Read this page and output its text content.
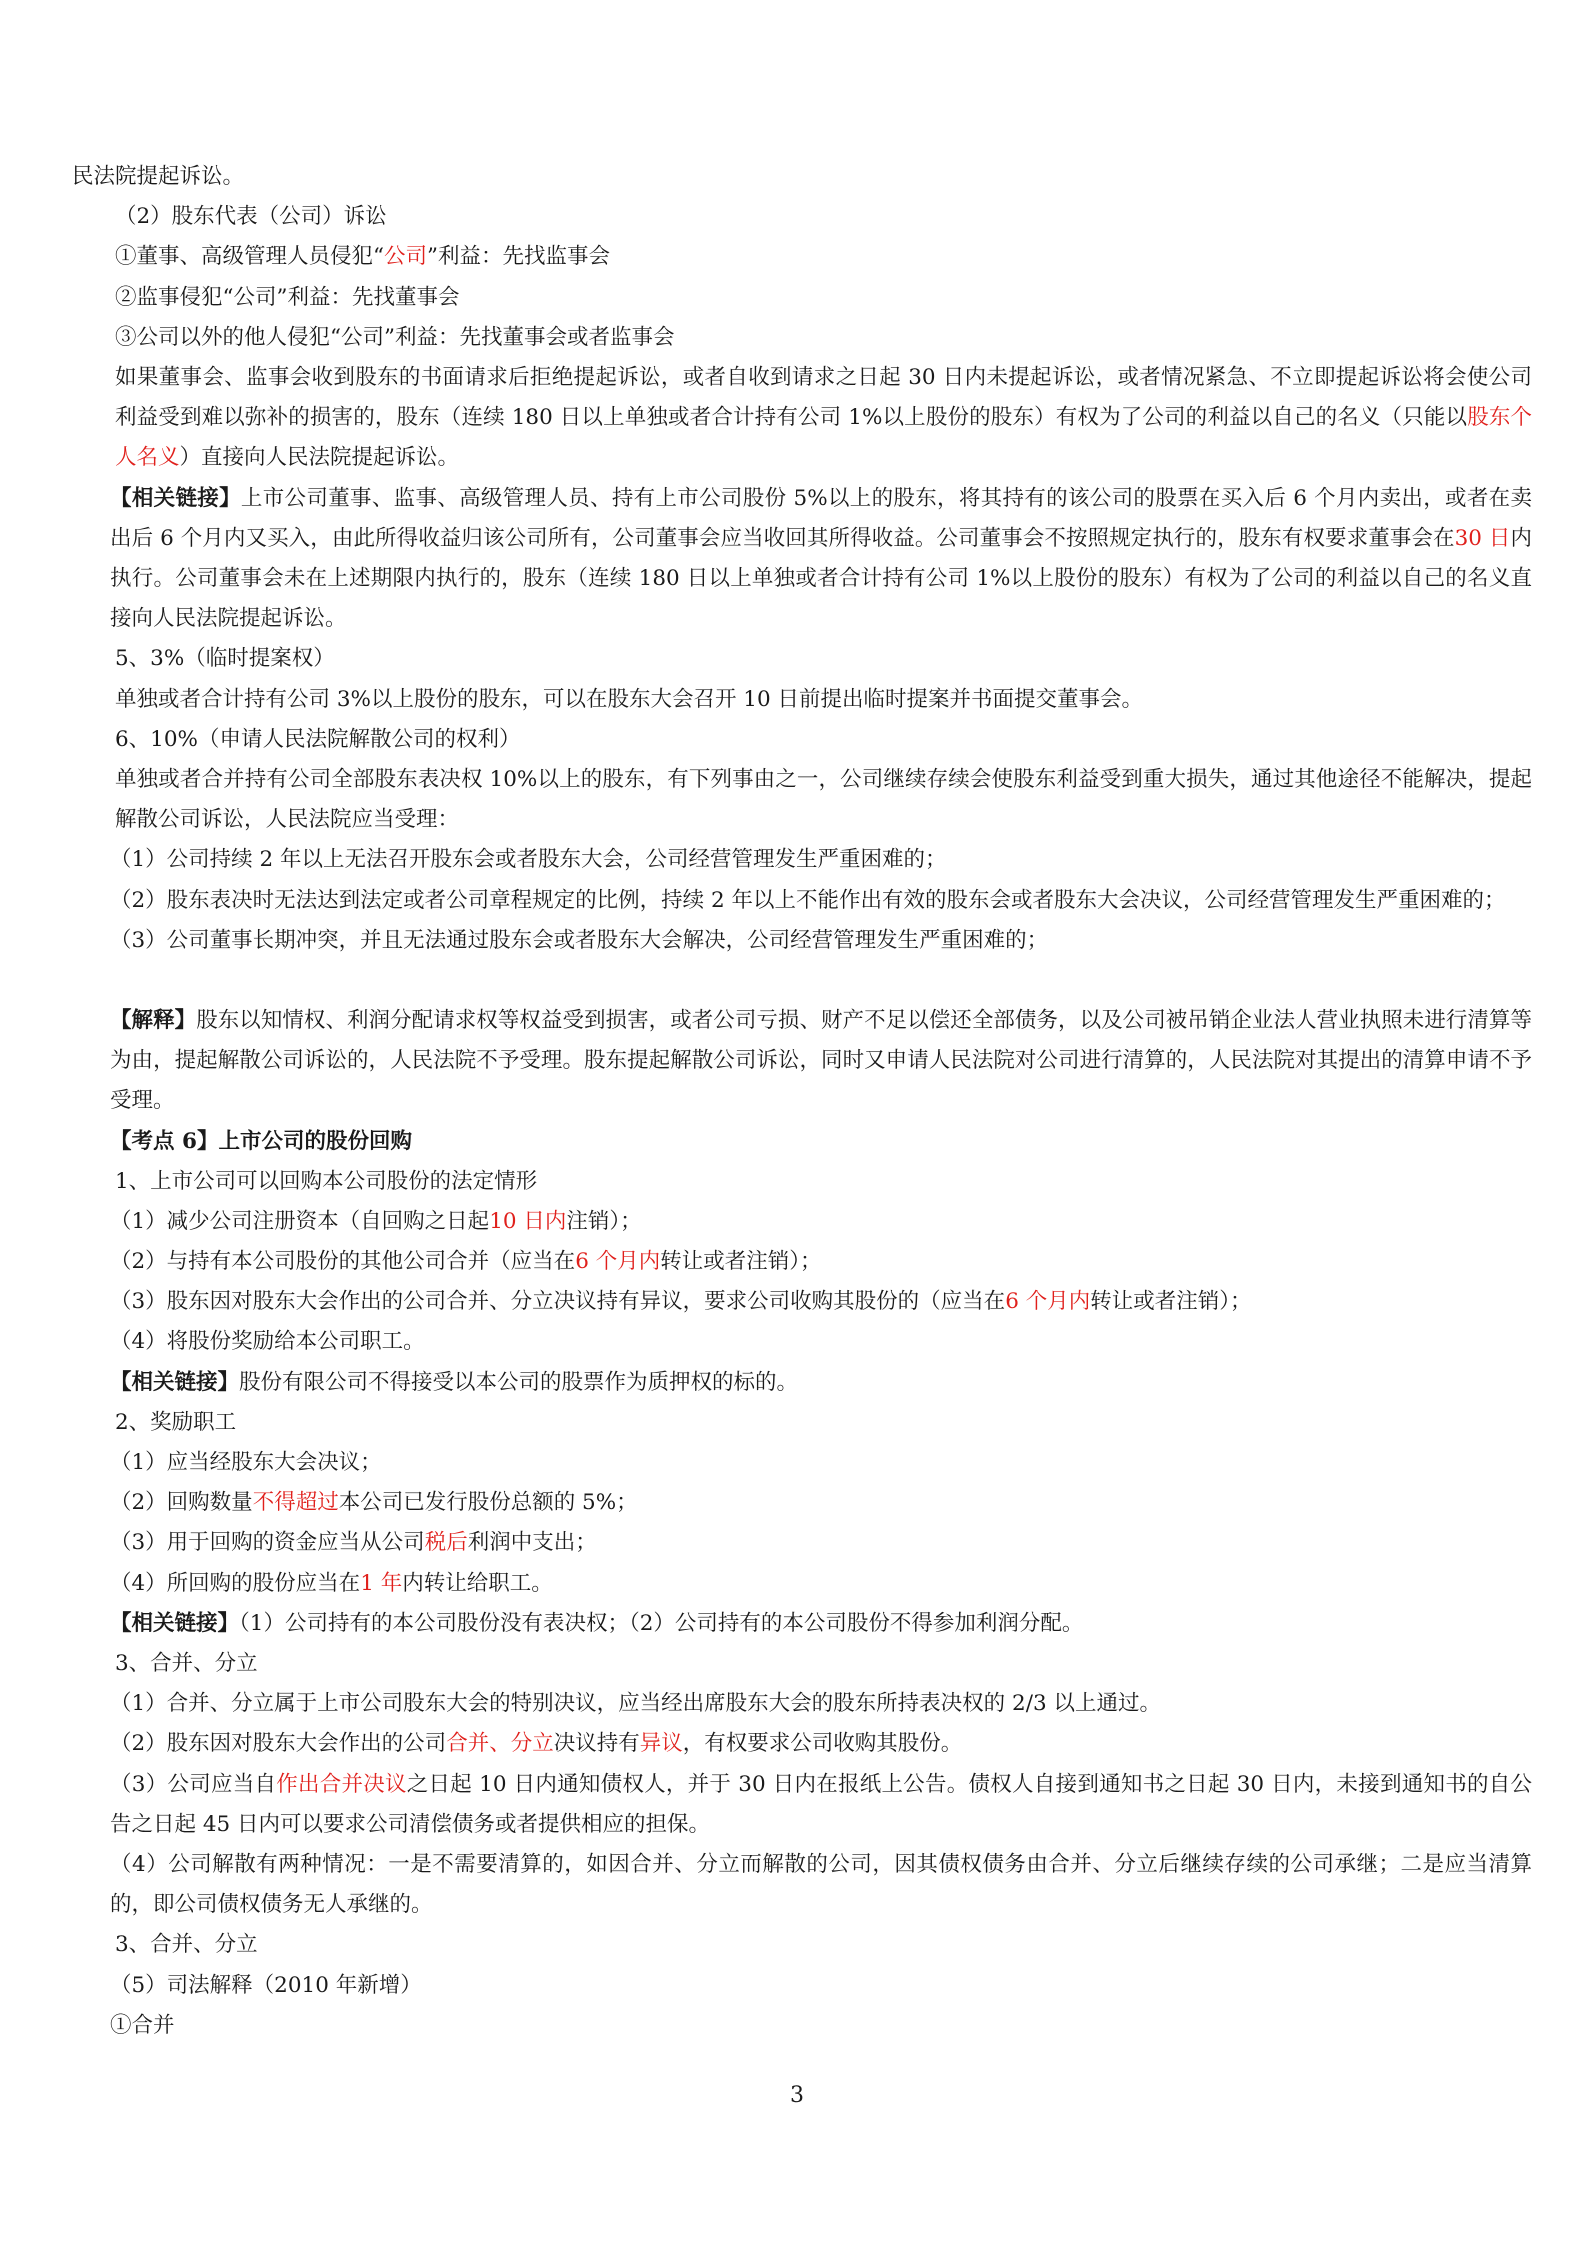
民法院提起诉讼。
（2）股东代表（公司）诉讼
①董事、高级管理人员侵犯“公司”利益：先找监事会
②监事侵犯“公司”利益：先找董事会
③公司以外的他人侵犯“公司”利益：先找董事会或者监事会
如果董事会、监事会收到股东的书面请求后拒绝提起诉讼，或者自收到请求之日起 30 日内未提起诉讼，或者情况紧急、不立即提起诉讼将会使公司利益受到难以弥补的损害的，股东（连续 180 日以上单独或者合计持有公司 1%以上股份的股东）有权为了公司的利益以自己的名义（只能以股东个人名义）直接向人民法院提起诉讼。
【相关链接】上市公司董事、监事、高级管理人员、持有上市公司股份 5%以上的股东，将其持有的该公司的股票在买入后 6 个月内卖出，或者在卖出后 6 个月内又买入，由此所得收益归该公司所有，公司董事会应当收回其所得收益。公司董事会不按照规定执行的，股东有权要求董事会在30 日内执行。公司董事会未在上述期限内执行的，股东（连续 180 日以上单独或者合计持有公司 1%以上股份的股东）有权为了公司的利益以自己的名义直接向人民法院提起诉讼。
5、3%（临时提案权）
单独或者合计持有公司 3%以上股份的股东，可以在股东大会召开 10 日前提出临时提案并书面提交董事会。
6、10%（申请人民法院解散公司的权利）
单独或者合并持有公司全部股东表决权 10%以上的股东，有下列事由之一，公司继续存续会使股东利益受到重大损失，通过其他途径不能解决，提起解散公司诉讼，人民法院应当受理：
（1）公司持续 2 年以上无法召开股东会或者股东大会，公司经营管理发生严重困难的；
（2）股东表决时无法达到法定或者公司章程规定的比例，持续 2 年以上不能作出有效的股东会或者股东大会决议，公司经营管理发生严重困难的；
（3）公司董事长期冲突，并且无法通过股东会或者股东大会解决，公司经营管理发生严重困难的；
【解释】股东以知情权、利润分配请求权等权益受到损害，或者公司亏损、财产不足以偿还全部债务，以及公司被吊销企业法人营业执照未进行清算等为由，提起解散公司诉讼的，人民法院不予受理。股东提起解散公司诉讼，同时又申请人民法院对公司进行清算的，人民法院对其提出的清算申请不予受理。
【考点 6】上市公司的股份回购
1、上市公司可以回购本公司股份的法定情形
（1）减少公司注册资本（自回购之日起10 日内注销）；
（2）与持有本公司股份的其他公司合并（应当在6 个月内转让或者注销）；
（3）股东因对股东大会作出的公司合并、分立决议持有异议，要求公司收购其股份的（应当在6 个月内转让或者注销）；
（4）将股份奖励给本公司职工。
【相关链接】股份有限公司不得接受以本公司的股票作为质押权的标的。
2、奖励职工
（1）应当经股东大会决议；
（2）回购数量不得超过本公司已发行股份总额的 5%；
（3）用于回购的资金应当从公司税后利润中支出；
（4）所回购的股份应当在1 年内转让给职工。
【相关链接】（1）公司持有的本公司股份没有表决权；（2）公司持有的本公司股份不得参加利润分配。
3、合并、分立
（1）合并、分立属于上市公司股东大会的特别决议，应当经出席股东大会的股东所持表决权的 2/3 以上通过。
（2）股东因对股东大会作出的公司合并、分立决议持有异议，有权要求公司收购其股份。
（3）公司应当自作出合并决议之日起 10 日内通知债权人，并于 30 日内在报纸上公告。债权人自接到通知书之日起 30 日内，未接到通知书的自公告之日起 45 日内可以要求公司清偿债务或者提供相应的担保。
（4）公司解散有两种情况：一是不需要清算的，如因合并、分立而解散的公司，因其债权债务由合并、分立后继续存续的公司承继；二是应当清算的，即公司债权债务无人承继的。
3、合并、分立
（5）司法解释（2010 年新增）
①合并
3
